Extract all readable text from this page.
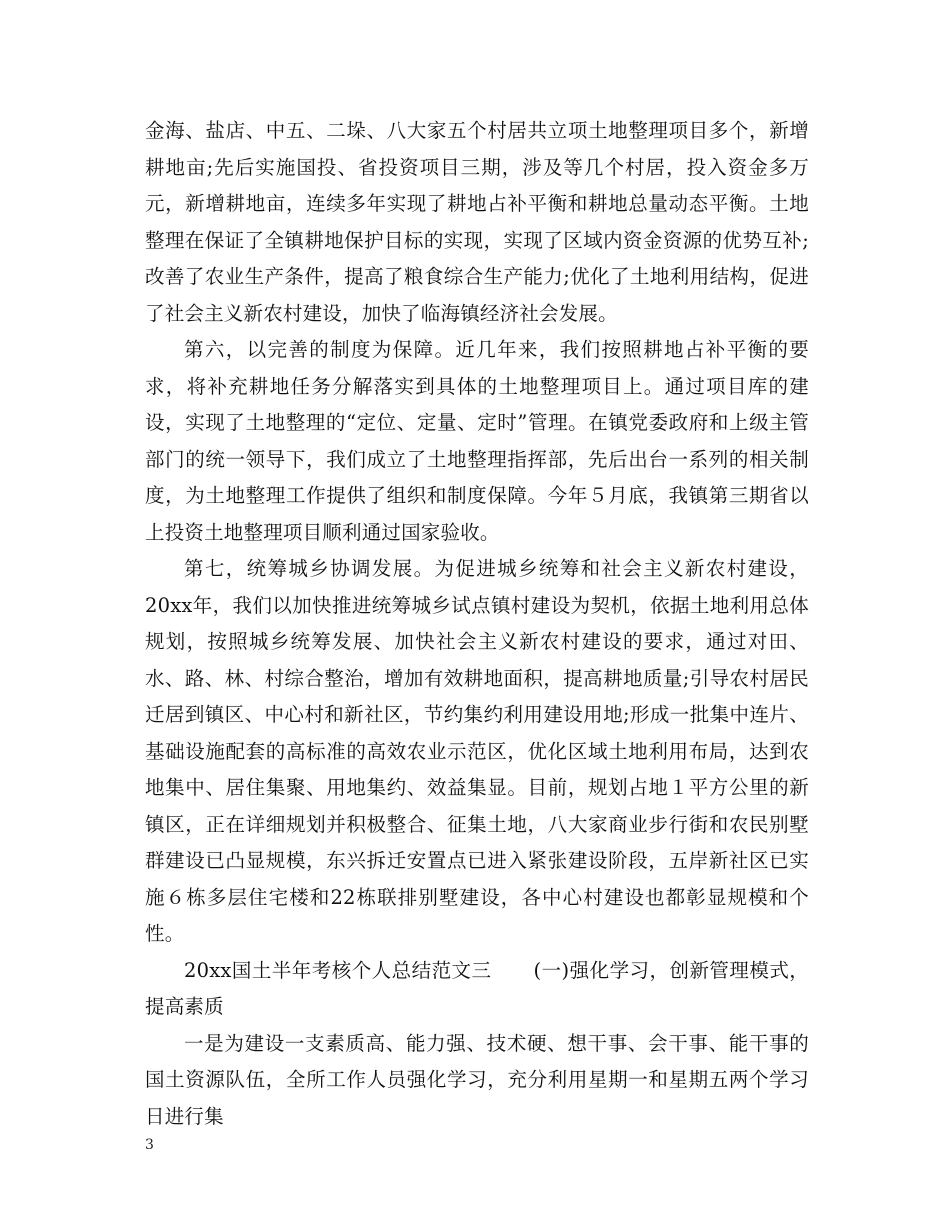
金海、盐店、中五、二垛、八大家五个村居共立项土地整理项目多个，新增耕地亩;先后实施国投、省投资项目三期，涉及等几个村居，投入资金多万元，新增耕地亩，连续多年实现了耕地占补平衡和耕地总量动态平衡。土地整理在保证了全镇耕地保护目标的实现，实现了区域内资金资源的优势互补;改善了农业生产条件，提高了粮食综合生产能力;优化了土地利用结构，促进了社会主义新农村建设，加快了临海镇经济社会发展。

第六，以完善的制度为保障。近几年来，我们按照耕地占补平衡的要求，将补充耕地任务分解落实到具体的土地整理项目上。通过项目库的建设，实现了土地整理的“定位、定量、定时”管理。在镇党委政府和上级主管部门的统一领导下，我们成立了土地整理指挥部，先后出台一系列的相关制度，为土地整理工作提供了组织和制度保障。今年５月底，我镇第三期省以上投资土地整理项目顺利通过国家验收。

第七，统筹城乡协调发展。为促进城乡统筹和社会主义新农村建设，20xx年，我们以加快推进统筹城乡试点镇村建设为契机，依据土地利用总体规划，按照城乡统筹发展、加快社会主义新农村建设的要求，通过对田、水、路、林、村综合整治，增加有效耕地面积，提高耕地质量;引导农村居民迁居到镇区、中心村和新社区，节约集约利用建设用地;形成一批集中连片、基础设施配套的高标准的高效农业示范区，优化区域土地利用布局，达到农地集中、居住集聚、用地集约、效益集显。目前，规划占地１平方公里的新镇区，正在详细规划并积极整合、征集土地，八大家商业步行街和农民别墅群建设已凸显规模，东兴拆迁安置点已进入紧张建设阶段，五岸新社区已实施６栋多层住宅楼和22栋联排别墅建设，各中心村建设也都彰显规模和个性。

20xx国土半年考核个人总结范文三 (一)强化学习，创新管理模式，提高素质

一是为建设一支素质高、能力强、技术硬、想干事、会干事、能干事的国土资源队伍，全所工作人员强化学习，充分利用星期一和星期五两个学习日进行集

3
